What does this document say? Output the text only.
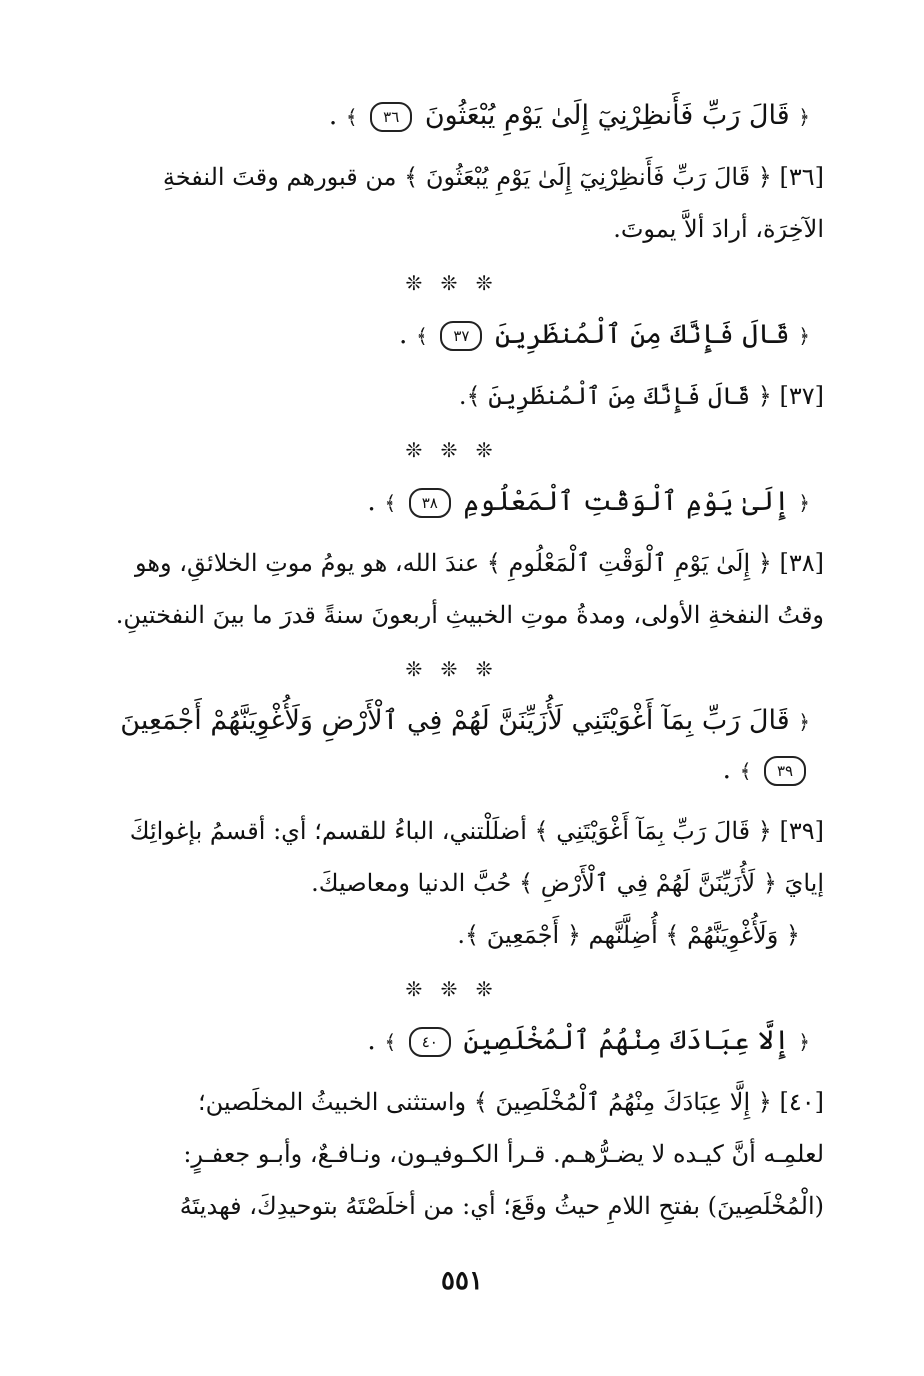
﴿ قَالَ رَبِّ فَأَنظِرْنِيٓ إِلَىٰ يَوْمِ يُبْعَثُونَ ٣٦ ﴾ .

[٣٦] ﴿ قَالَ رَبِّ فَأَنظِرْنِيٓ إِلَىٰ يَوْمِ يُبْعَثُونَ ﴾ من قبورهم وقتَ النفخةِ
الآخِرَة، أرادَ ألاَّ يموتَ.

❊ ❊ ❊
﴿ قَالَ فَإِنَّكَ مِنَ ٱلْمُنظَرِينَ ٣٧ ﴾ .

[٣٧] ﴿ قَالَ فَإِنَّكَ مِنَ ٱلْمُنظَرِينَ ﴾.

❊ ❊ ❊
﴿ إِلَىٰ يَوْمِ ٱلْوَقْتِ ٱلْمَعْلُومِ ٣٨ ﴾ .

[٣٨] ﴿ إِلَىٰ يَوْمِ ٱلْوَقْتِ ٱلْمَعْلُومِ ﴾ عندَ الله، هو يومُ موتِ الخلائقِ، وهو
وقتُ النفخةِ الأولى، ومدةُ موتِ الخبيثِ أربعونَ سنةً قدرَ ما بينَ النفختينِ.

❊ ❊ ❊
﴿ قَالَ رَبِّ بِمَآ أَغْوَيْتَنِي لَأُزَيِّنَنَّ لَهُمْ فِي ٱلْأَرْضِ وَلَأُغْوِيَنَّهُمْ أَجْمَعِينَ ٣٩ ﴾ .

[٣٩] ﴿ قَالَ رَبِّ بِمَآ أَغْوَيْتَنِي ﴾ أضلَلْتني، الباءُ للقسم؛ أي: أقسمُ بإغوائِكَ
إيايَ ﴿ لَأُزَيِّنَنَّ لَهُمْ فِي ٱلْأَرْضِ ﴾ حُبَّ الدنيا ومعاصيكَ.
﴿ وَلَأُغْوِيَنَّهُمْ ﴾ أُضِلَّنَّهم ﴿ أَجْمَعِينَ ﴾.

❊ ❊ ❊
﴿ إِلَّا عِبَادَكَ مِنْهُمُ ٱلْمُخْلَصِينَ ٤٠ ﴾ .

[٤٠] ﴿ إِلَّا عِبَادَكَ مِنْهُمُ ٱلْمُخْلَصِينَ ﴾ واستثنى الخبيثُ المخلَصين؛
لعلمِـه أنَّ كيـده لا يضـرُّهـم. قـرأ الكـوفيـون، ونـافـعٌ، وأبـو جعفـرٍ:
(الْمُخْلَصِينَ) بفتحِ اللامِ حيثُ وقَعَ؛ أي: من أخلَصْتَهُ بتوحيدِكَ، فهديتَهُ

٥٥١
